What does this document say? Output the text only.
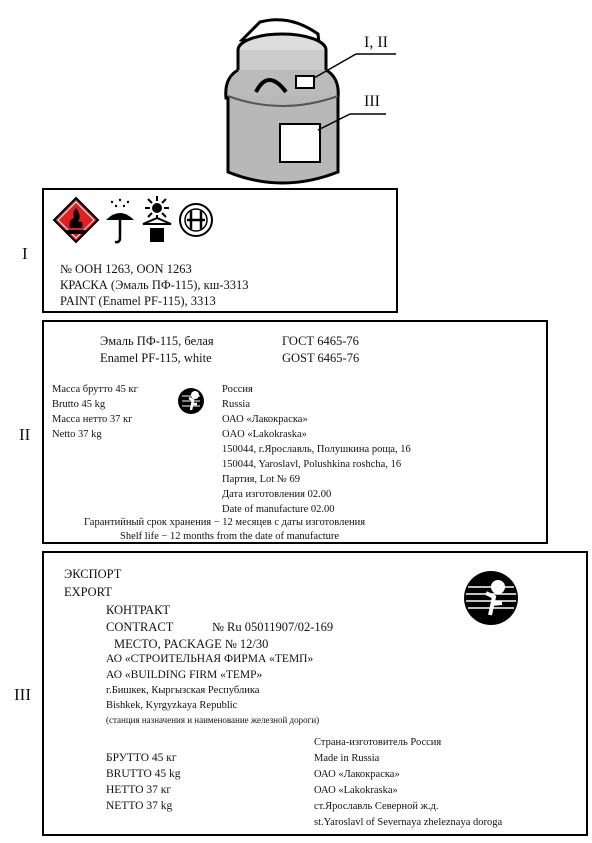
I, II
III
I
№ ООН 1263, OON 1263
КРАСКА (Эмаль ПФ-115), кш-3313
PAINT (Enamel PF-115), 3313
II
Эмаль ПФ-115, белая
Enamel PF-115, white
ГОСТ 6465-76
GOST 6465-76
Масса брутто 45 кг
Brutto 45 kg
Масса нетто 37 кг
Netto 37 kg
Россия
Russia
ОАО «Лакокраска»
OAO «Lakokraska»
150044, г.Ярославль, Полушкина роща, 16
150044, Yaroslavl, Polushkina roshcha, 16
Партия, Lot № 69
Дата изготовления 02.00
Date of manufacture 02.00
Гарантийный срок хранения − 12 месяцев с даты изготовления
Shelf life − 12 months from the date of manufacture
III
ЭКСПОРТ
EXPORT
КОНТРАКТ
CONTRACT	№ Ru 05011907/02-169
МЕСТО, PACKAGE № 12/30
АО «СТРОИТЕЛЬНАЯ ФИРМА «ТЕМП»
АО «BUILDING FIRM «TEMP»
г.Бишкек, Кыргызская Республика
Bishkek, Kyrgyzkaya Republic
(станция назначения и наименование железной дороги)
БРУТТО 45 кг
BRUTTO 45 kg
НЕТТО 37 кг
NETTO 37 kg
Страна-изготовитель Россия
Made in Russia
ОАО «Лакокраска»
ОАО «Lakokraska»
ст.Ярославль Северной ж.д.
st.Yaroslavl of Severnaya zheleznaya doroga
